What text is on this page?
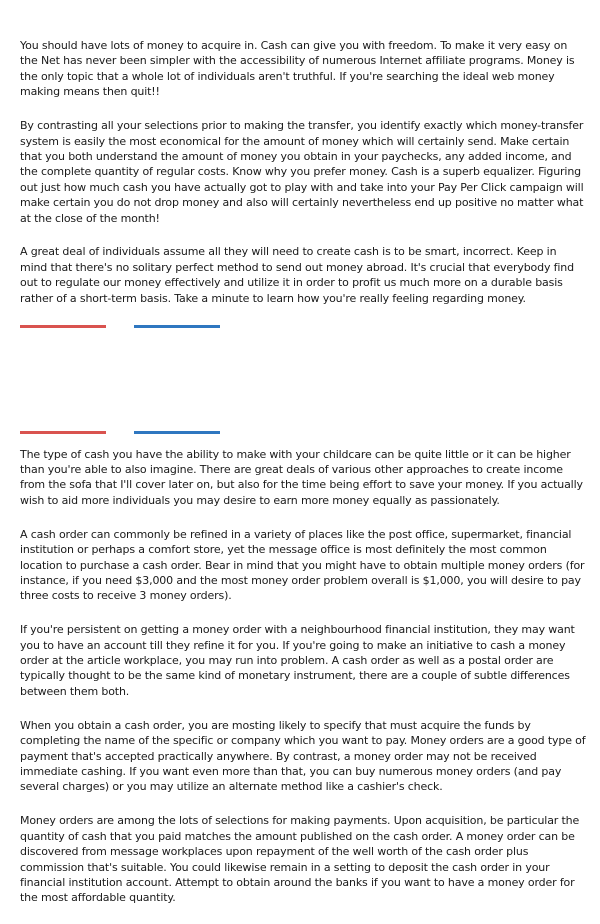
You should have lots of money to acquire in. Cash can give you with freedom. To make it very easy on the Net has never been simpler with the accessibility of numerous Internet affiliate programs. Money is the only topic that a whole lot of individuals aren't truthful. If you're searching the ideal web money making means then quit!!

By contrasting all your selections prior to making the transfer, you identify exactly which money-transfer system is easily the most economical for the amount of money which will certainly send. Make certain that you both understand the amount of money you obtain in your paychecks, any added income, and the complete quantity of regular costs. Know why you prefer money. Cash is a superb equalizer. Figuring out just how much cash you have actually got to play with and take into your Pay Per Click campaign will make certain you do not drop money and also will certainly nevertheless end up positive no matter what at the close of the month!

A great deal of individuals assume all they will need to create cash is to be smart, incorrect. Keep in mind that there's no solitary perfect method to send out money abroad. It's crucial that everybody find out to regulate our money effectively and utilize it in order to profit us much more on a durable basis rather of a short-term basis. Take a minute to learn how you're really feeling regarding money.

The type of cash you have the ability to make with your childcare can be quite little or it can be higher than you're able to also imagine. There are great deals of various other approaches to create income from the sofa that I'll cover later on, but also for the time being effort to save your money. If you actually wish to aid more individuals you may desire to earn more money equally as passionately.

A cash order can commonly be refined in a variety of places like the post office, supermarket, financial institution or perhaps a comfort store, yet the message office is most definitely the most common location to purchase a cash order. Bear in mind that you might have to obtain multiple money orders (for instance, if you need $3,000 and the most money order problem overall is $1,000, you will desire to pay three costs to receive 3 money orders).

If you're persistent on getting a money order with a neighbourhood financial institution, they may want you to have an account till they refine it for you. If you're going to make an initiative to cash a money order at the article workplace, you may run into problem. A cash order as well as a postal order are typically thought to be the same kind of monetary instrument, there are a couple of subtle differences between them both.

When you obtain a cash order, you are mosting likely to specify that must acquire the funds by completing the name of the specific or company which you want to pay. Money orders are a good type of payment that's accepted practically anywhere. By contrast, a money order may not be received immediate cashing. If you want even more than that, you can buy numerous money orders (and pay several charges) or you may utilize an alternate method like a cashier's check.

Money orders are among the lots of selections for making payments. Upon acquisition, be particular the quantity of cash that you paid matches the amount published on the cash order. A money order can be discovered from message workplaces upon repayment of the well worth of the cash order plus commission that's suitable. You could likewise remain in a setting to deposit the cash order in your financial institution account. Attempt to obtain around the banks if you want to have a money order for the most affordable quantity.
